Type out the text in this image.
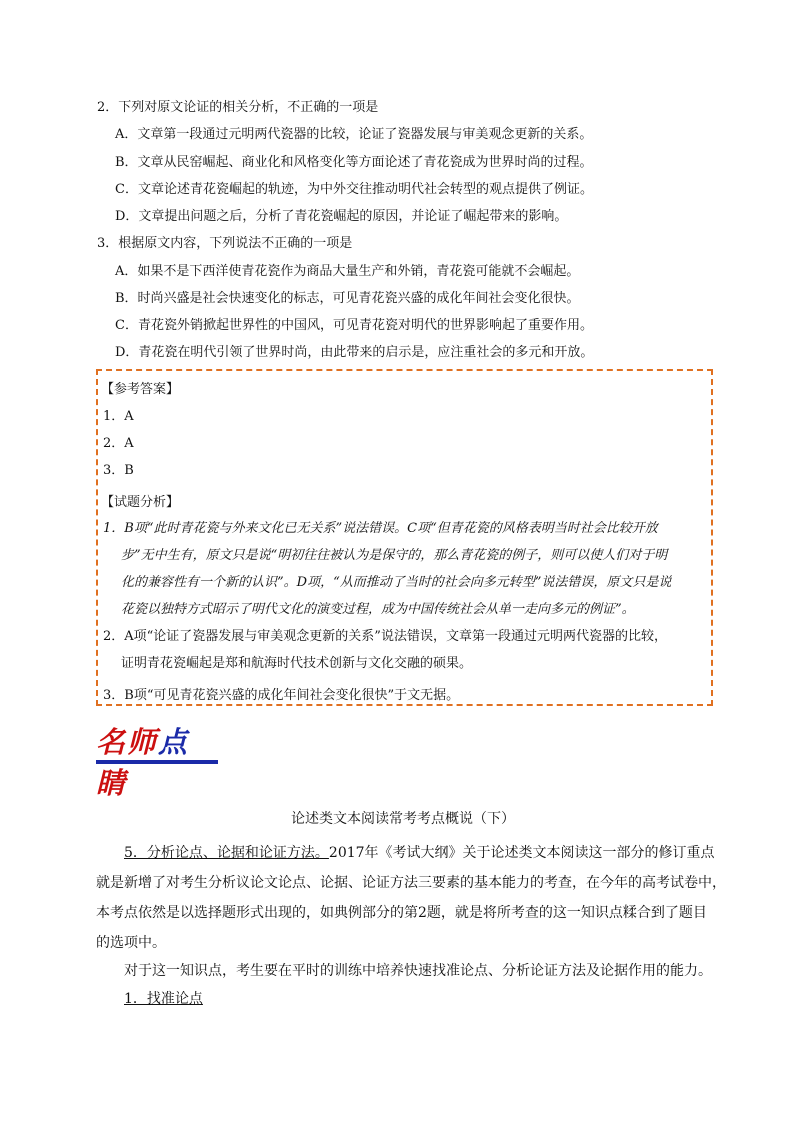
2．下列对原文论证的相关分析，不正确的一项是
A．文章第一段通过元明两代瓷器的比较，论证了瓷器发展与审美观念更新的关系。
B．文章从民窑崛起、商业化和风格变化等方面论述了青花瓷成为世界时尚的过程。
C．文章论述青花瓷崛起的轨迹，为中外交往推动明代社会转型的观点提供了例证。
D．文章提出问题之后，分析了青花瓷崛起的原因，并论证了崛起带来的影响。
3．根据原文内容，下列说法不正确的一项是
A．如果不是下西洋使青花瓷作为商品大量生产和外销，青花瓷可能就不会崛起。
B．时尚兴盛是社会快速变化的标志，可见青花瓷兴盛的成化年间社会变化很快。
C．青花瓷外销掀起世界性的中国风，可见青花瓷对明代的世界影响起了重要作用。
D．青花瓷在明代引领了世界时尚，由此带来的启示是，应注重社会的多元和开放。
【参考答案】
1．A
2．A
3．B
【试题分析】
1．B项“此时青花瓷与外来文化已无关系”说法错误。C项“但青花瓷的风格表明当时社会比较开放
步”无中生有，原文只是说“明初往往被认为是保守的，那么青花瓷的例子，则可以使人们对于明
化的兼容性有一个新的认识”。D项，“从而推动了当时的社会向多元转型”说法错误，原文只是说
花瓷以独特方式昭示了明代文化的演变过程，成为中国传统社会从单一走向多元的例证”。
2．A项“论证了瓷器发展与审美观念更新的关系”说法错误，文章第一段通过元明两代瓷器的比较，
证明青花瓷崛起是郑和航海时代技术创新与文化交融的硕果。
3．B项“可见青花瓷兴盛的成化年间社会变化很快”于文无据。
名师点睛
论述类文本阅读常考考点概说（下）
5．分析论点、论据和论证方法。2017年《考试大纲》关于论述类文本阅读这一部分的修订重点
就是新增了对考生分析议论文论点、论据、论证方法三要素的基本能力的考查，在今年的高考试卷中，
本考点依然是以选择题形式出现的，如典例部分的第2题，就是将所考查的这一知识点糅合到了题目
的选项中。
对于这一知识点，考生要在平时的训练中培养快速找准论点、分析论证方法及论据作用的能力。
1．找准论点
